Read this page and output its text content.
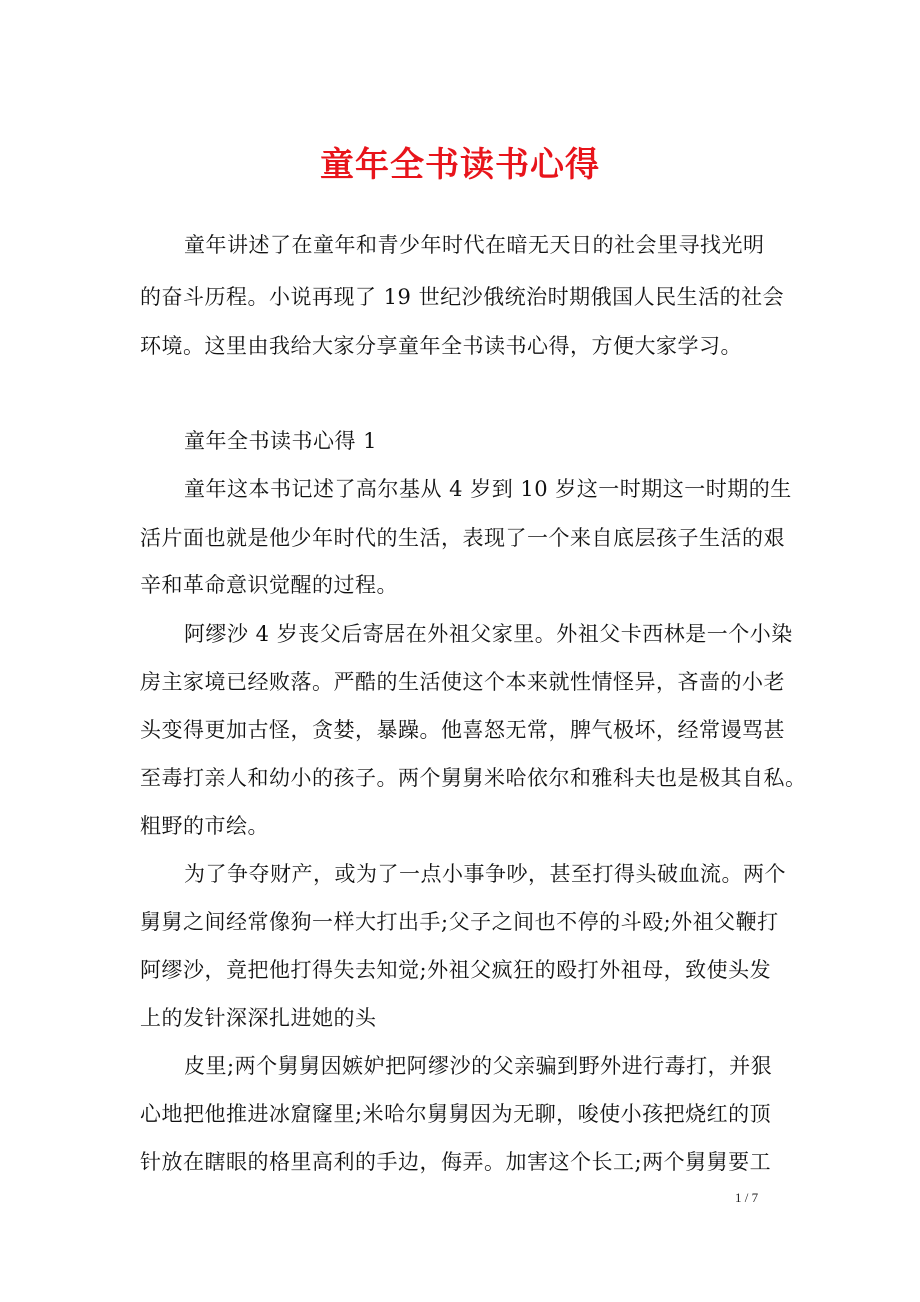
童年全书读书心得
童年讲述了在童年和青少年时代在暗无天日的社会里寻找光明
的奋斗历程。小说再现了 19 世纪沙俄统治时期俄国人民生活的社会
环境。这里由我给大家分享童年全书读书心得，方便大家学习。
童年全书读书心得 1
童年这本书记述了高尔基从 4 岁到 10 岁这一时期这一时期的生
活片面也就是他少年时代的生活，表现了一个来自底层孩子生活的艰
辛和革命意识觉醒的过程。
阿缪沙 4 岁丧父后寄居在外祖父家里。外祖父卡西林是一个小染
房主家境已经败落。严酷的生活使这个本来就性情怪异，吝啬的小老
头变得更加古怪，贪婪，暴躁。他喜怒无常，脾气极坏，经常谩骂甚
至毒打亲人和幼小的孩子。两个舅舅米哈依尔和雅科夫也是极其自私。
粗野的市绘。
为了争夺财产，或为了一点小事争吵，甚至打得头破血流。两个
舅舅之间经常像狗一样大打出手;父子之间也不停的斗殴;外祖父鞭打
阿缪沙，竟把他打得失去知觉;外祖父疯狂的殴打外祖母，致使头发
上的发针深深扎进她的头
皮里;两个舅舅因嫉妒把阿缪沙的父亲骗到野外进行毒打，并狠
心地把他推进冰窟窿里;米哈尔舅舅因为无聊，唆使小孩把烧红的顶
针放在瞎眼的格里高利的手边，侮弄。加害这个长工;两个舅舅要工
1 / 7
